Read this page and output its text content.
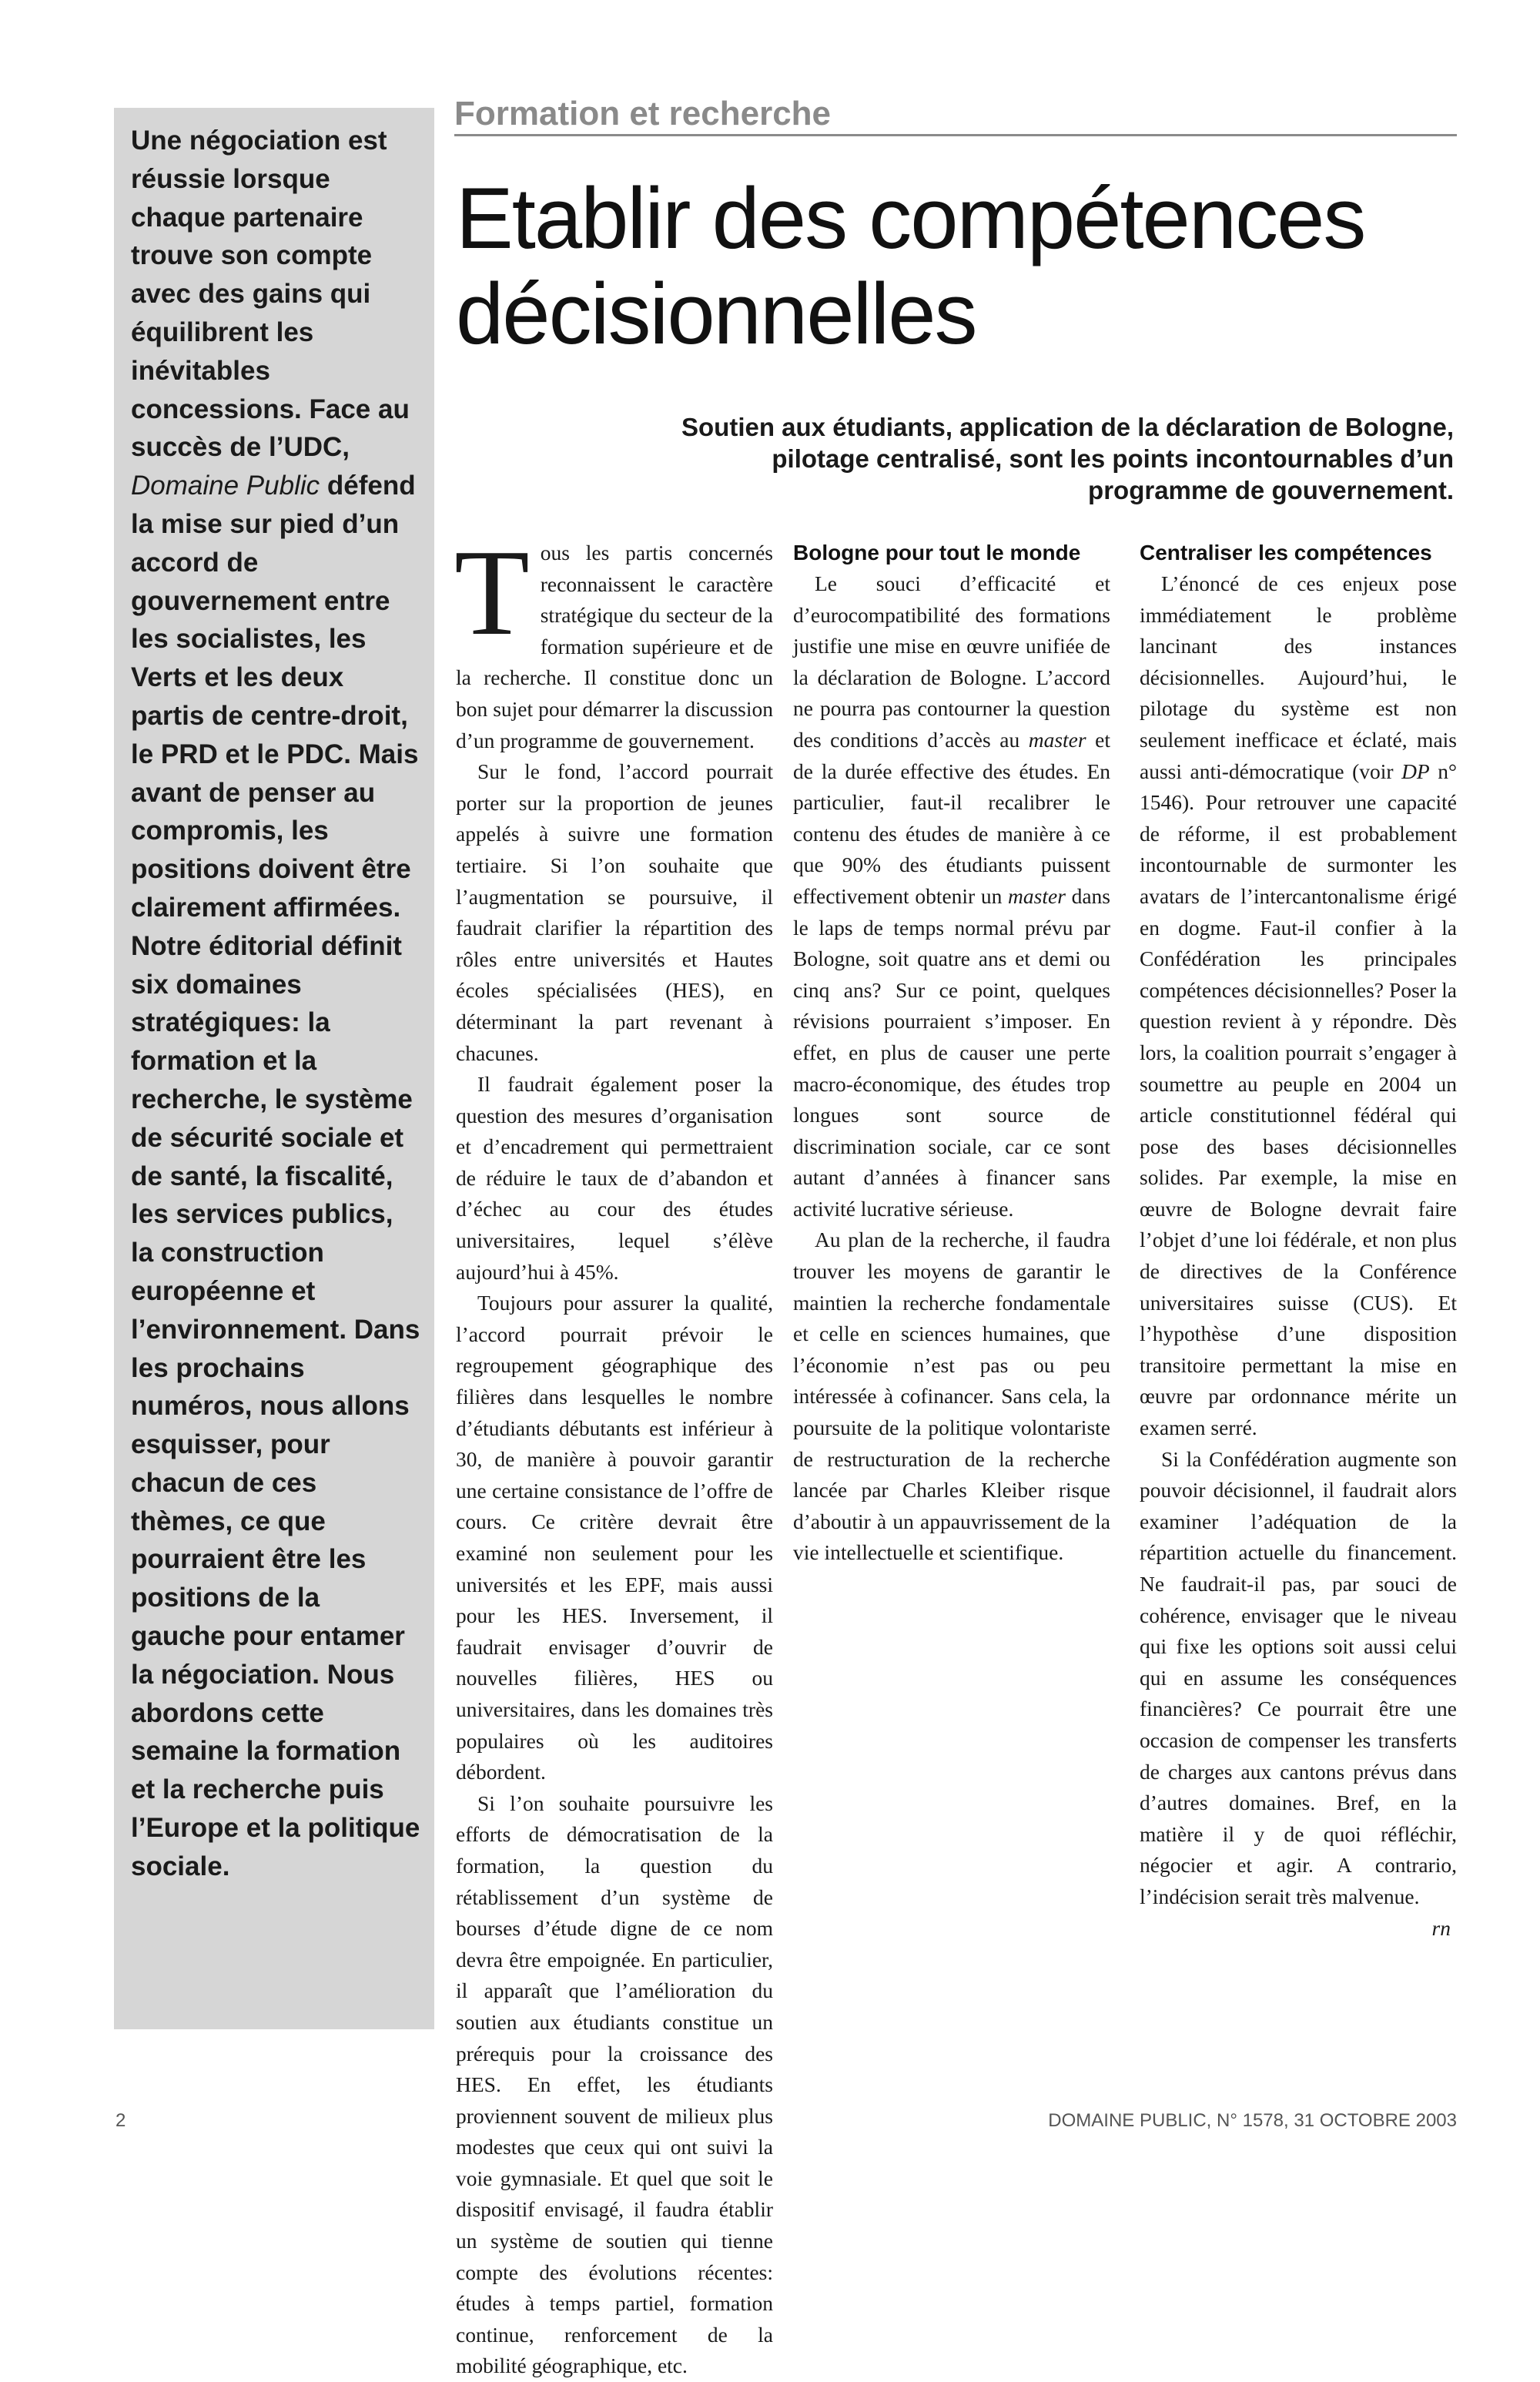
Une négociation est réussie lorsque chaque partenaire trouve son compte avec des gains qui équilibrent les inévitables concessions. Face au succès de l’UDC, Domaine Public défend la mise sur pied d’un accord de gouvernement entre les socialistes, les Verts et les deux partis de centre-droit, le PRD et le PDC. Mais avant de penser au compromis, les positions doivent être clairement affirmées. Notre éditorial définit six domaines stratégiques: la formation et la recherche, le système de sécurité sociale et de santé, la fiscalité, les services publics, la construction européenne et l’environnement. Dans les prochains numéros, nous allons esquisser, pour chacun de ces thèmes, ce que pourraient être les positions de la gauche pour entamer la négociation. Nous abordons cette semaine la formation et la recherche puis l’Europe et la politique sociale.

Formation et recherche
Etablir des compétences décisionnelles

Soutien aux étudiants, application de la déclaration de Bologne, pilotage centralisé, sont les points incontournables d’un programme de gouvernement.

Tous les partis concernés reconnaissent le caractère stratégique du secteur de la formation supérieure et de la recherche. Il constitue donc un bon sujet pour démarrer la discussion d’un programme de gouvernement.

Sur le fond, l’accord pourrait porter sur la proportion de jeunes appelés à suivre une formation tertiaire. Si l’on souhaite que l’augmentation se poursuive, il faudrait clarifier la répartition des rôles entre universités et Hautes écoles spécialisées (HES), en déterminant la part revenant à chacunes.

Il faudrait également poser la question des mesures d’organisation et d’encadrement qui permettraient de réduire le taux de d’abandon et d’échec au cour des études universitaires, lequel s’élève aujourd’hui à 45%.

Toujours pour assurer la qualité, l’accord pourrait prévoir le regroupement géographique des filières dans lesquelles le nombre d’étudiants débutants est inférieur à 30, de manière à pouvoir garantir une certaine consistance de l’offre de cours. Ce critère devrait être examiné non seulement pour les universités et les EPF, mais aussi pour les HES. Inversement, il faudrait envisager d’ouvrir de nouvelles filières, HES ou universitaires, dans les domaines très populaires où les auditoires débordent.

Si l’on souhaite poursuivre les efforts de démocratisation de la formation, la question du rétablissement d’un système de bourses d’étude digne de ce nom devra être empoignée. En particulier, il apparaît que l’amélioration du soutien aux étudiants constitue un prérequis pour la croissance des HES. En effet, les étudiants proviennent souvent de milieux plus modestes que ceux qui ont suivi la voie gymnasiale. Et quel que soit le dispositif envisagé, il faudra établir un système de soutien qui tienne compte des évolutions récentes: études à temps partiel, formation continue, renforcement de la mobilité géographique, etc.

Bologne pour tout le monde

Le souci d’efficacité et d’eurocompatibilité des formations justifie une mise en œuvre unifiée de la déclaration de Bologne. L’accord ne pourra pas contourner la question des conditions d’accès au master et de la durée effective des études. En particulier, faut-il recalibrer le contenu des études de manière à ce que 90% des étudiants puissent effectivement obtenir un master dans le laps de temps normal prévu par Bologne, soit quatre ans et demi ou cinq ans? Sur ce point, quelques révisions pourraient s’imposer. En effet, en plus de causer une perte macro-économique, des études trop longues sont source de discrimination sociale, car ce sont autant d’années à financer sans activité lucrative sérieuse.

Au plan de la recherche, il faudra trouver les moyens de garantir le maintien la recherche fondamentale et celle en sciences humaines, que l’économie n’est pas ou peu intéressée à cofinancer. Sans cela, la poursuite de la politique volontariste de restructuration de la recherche lancée par Charles Kleiber risque d’aboutir à un appauvrissement de la vie intellectuelle et scientifique.

Centraliser les compétences

L’énoncé de ces enjeux pose immédiatement le problème lancinant des instances décisionnelles. Aujourd’hui, le pilotage du système est non seulement inefficace et éclaté, mais aussi anti-démocratique (voir DP n° 1546). Pour retrouver une capacité de réforme, il est probablement incontournable de surmonter les avatars de l’intercantonalisme érigé en dogme. Faut-il confier à la Confédération les principales compétences décisionnelles? Poser la question revient à y répondre. Dès lors, la coalition pourrait s’engager à soumettre au peuple en 2004 un article constitutionnel fédéral qui pose des bases décisionnelles solides. Par exemple, la mise en œuvre de Bologne devrait faire l’objet d’une loi fédérale, et non plus de directives de la Conférence universitaires suisse (CUS). Et l’hypothèse d’une disposition transitoire permettant la mise en œuvre par ordonnance mérite un examen serré.

Si la Confédération augmente son pouvoir décisionnel, il faudrait alors examiner l’adéquation de la répartition actuelle du financement. Ne faudrait-il pas, par souci de cohérence, envisager que le niveau qui fixe les options soit aussi celui qui en assume les conséquences financières? Ce pourrait être une occasion de compenser les transferts de charges aux cantons prévus dans d’autres domaines. Bref, en la matière il y de quoi réfléchir, négocier et agir. A contrario, l’indécision serait très malvenue.
rn

2	DOMAINE PUBLIC, N° 1578, 31 OCTOBRE 2003
